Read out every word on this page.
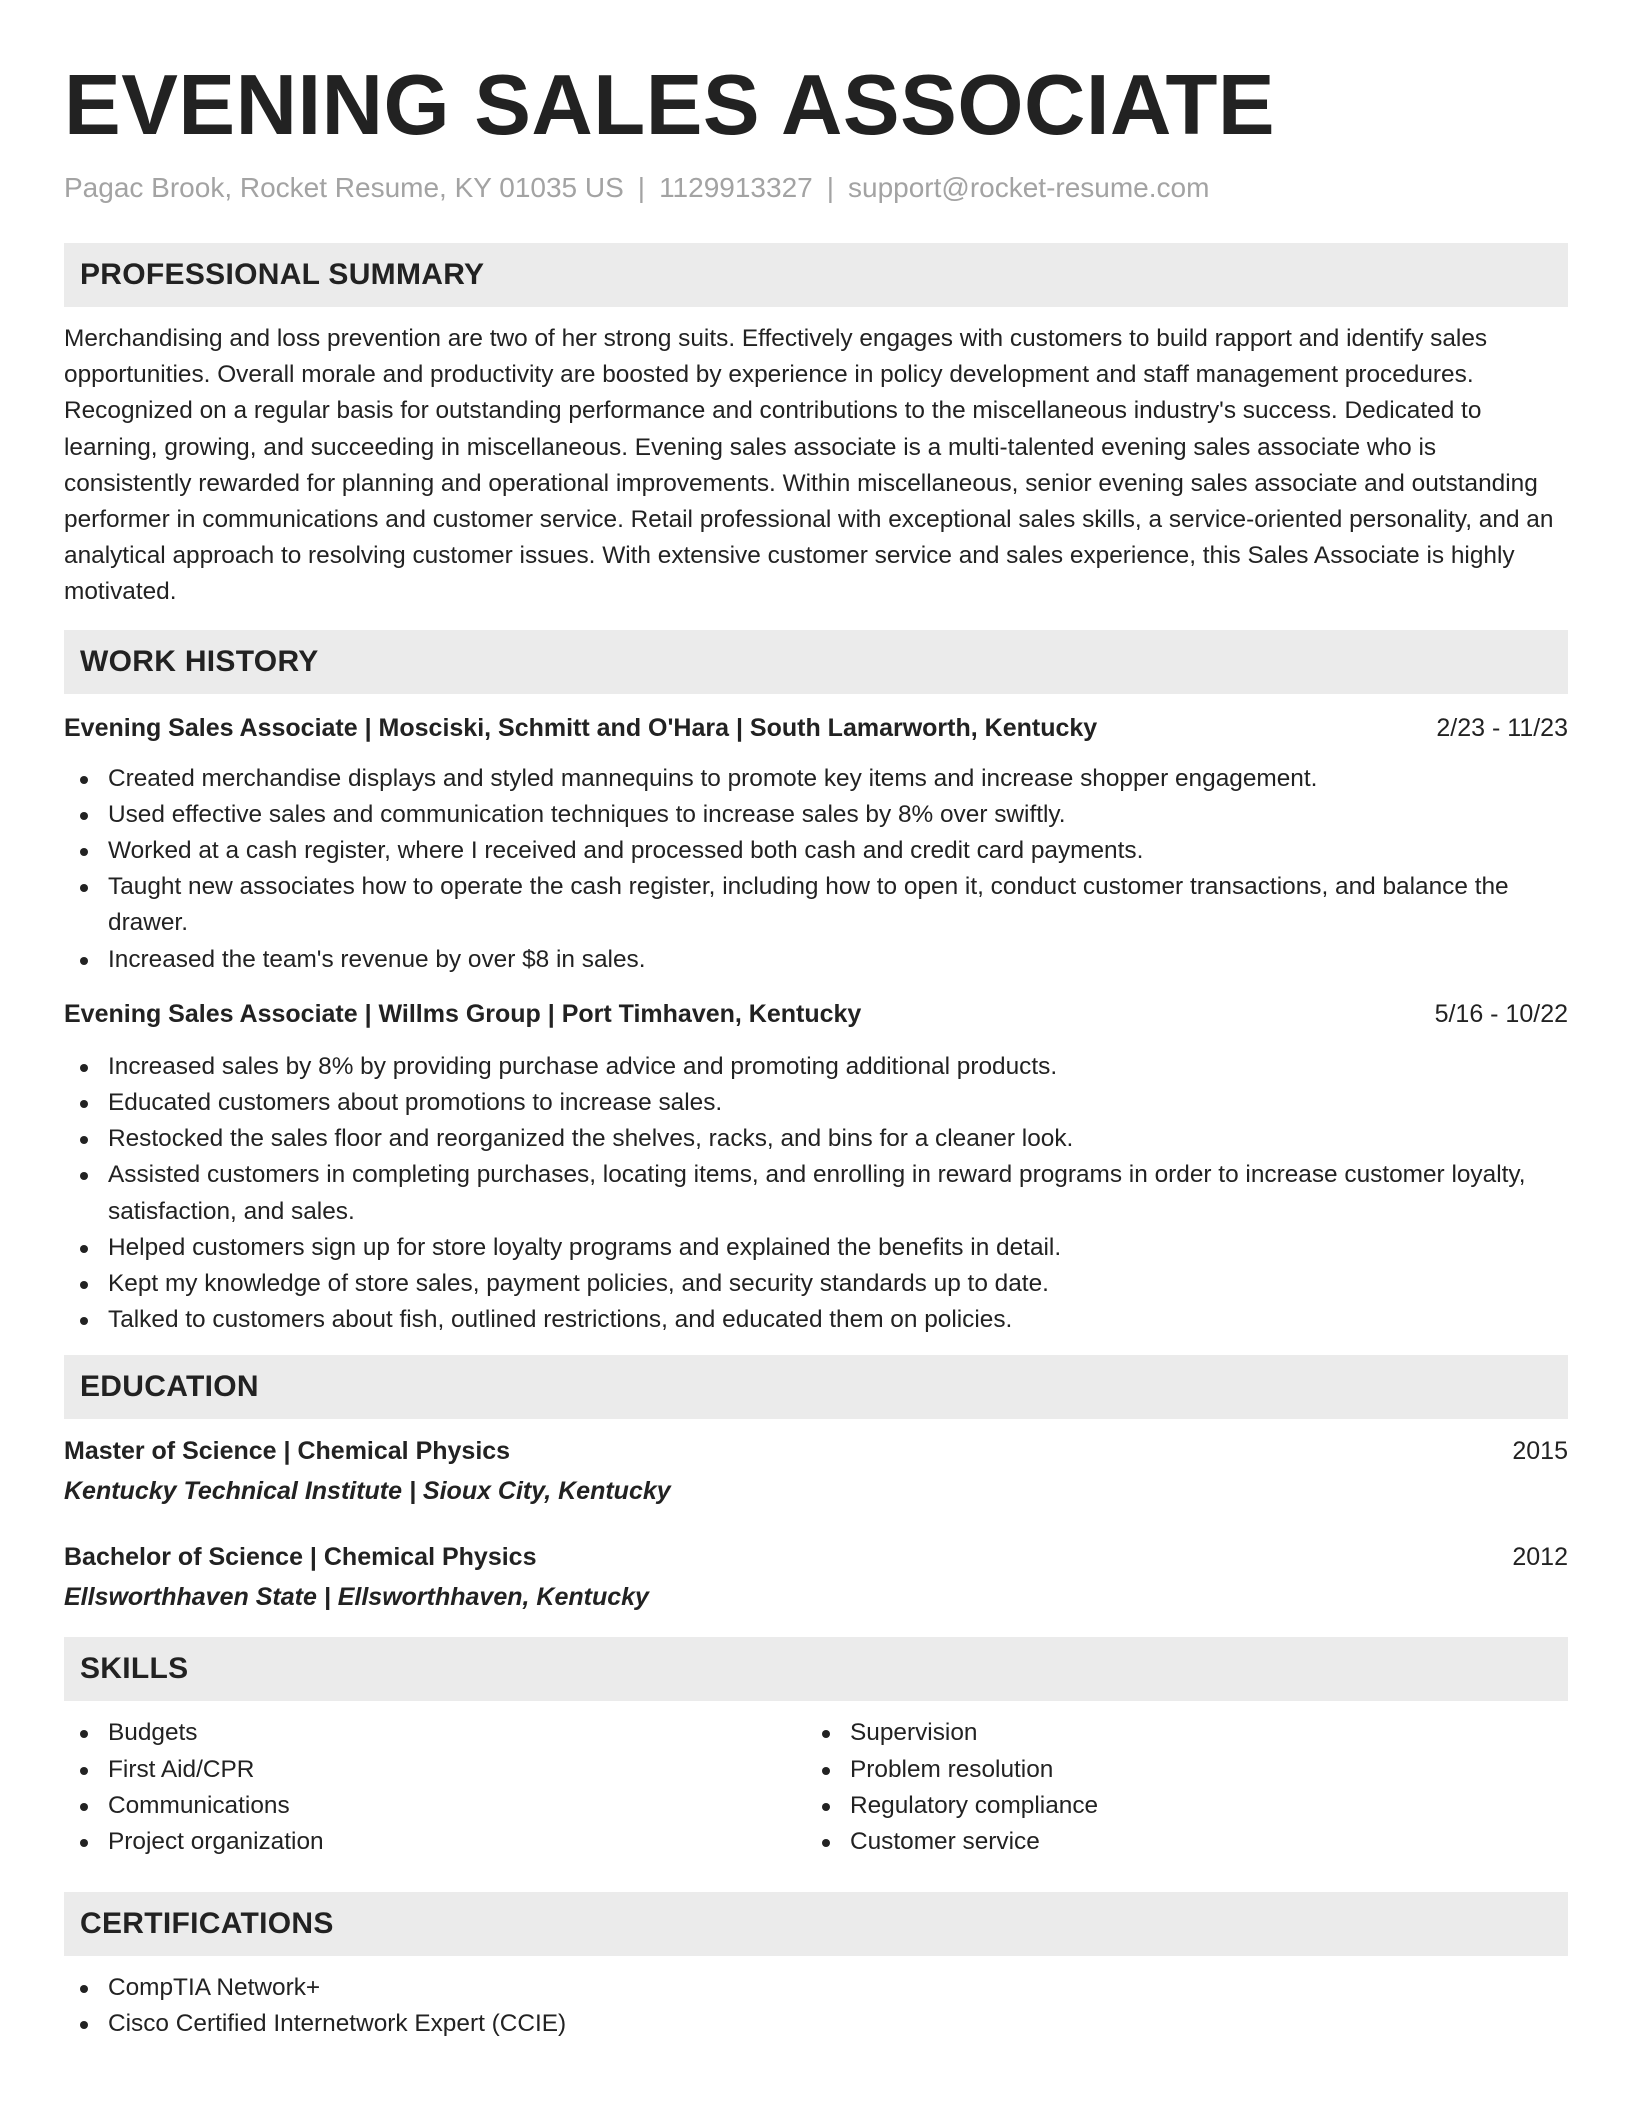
EVENING SALES ASSOCIATE
Pagac Brook, Rocket Resume, KY 01035 US | 1129913327 | support@rocket-resume.com
PROFESSIONAL SUMMARY
Merchandising and loss prevention are two of her strong suits. Effectively engages with customers to build rapport and identify sales opportunities. Overall morale and productivity are boosted by experience in policy development and staff management procedures. Recognized on a regular basis for outstanding performance and contributions to the miscellaneous industry's success. Dedicated to learning, growing, and succeeding in miscellaneous. Evening sales associate is a multi-talented evening sales associate who is consistently rewarded for planning and operational improvements. Within miscellaneous, senior evening sales associate and outstanding performer in communications and customer service. Retail professional with exceptional sales skills, a service-oriented personality, and an analytical approach to resolving customer issues. With extensive customer service and sales experience, this Sales Associate is highly motivated.
WORK HISTORY
Evening Sales Associate | Mosciski, Schmitt and O'Hara | South Lamarworth, Kentucky	2/23 - 11/23
Created merchandise displays and styled mannequins to promote key items and increase shopper engagement.
Used effective sales and communication techniques to increase sales by 8% over swiftly.
Worked at a cash register, where I received and processed both cash and credit card payments.
Taught new associates how to operate the cash register, including how to open it, conduct customer transactions, and balance the drawer.
Increased the team's revenue by over $8 in sales.
Evening Sales Associate | Willms Group | Port Timhaven, Kentucky	5/16 - 10/22
Increased sales by 8% by providing purchase advice and promoting additional products.
Educated customers about promotions to increase sales.
Restocked the sales floor and reorganized the shelves, racks, and bins for a cleaner look.
Assisted customers in completing purchases, locating items, and enrolling in reward programs in order to increase customer loyalty, satisfaction, and sales.
Helped customers sign up for store loyalty programs and explained the benefits in detail.
Kept my knowledge of store sales, payment policies, and security standards up to date.
Talked to customers about fish, outlined restrictions, and educated them on policies.
EDUCATION
Master of Science | Chemical Physics	2015
Kentucky Technical Institute | Sioux City, Kentucky
Bachelor of Science | Chemical Physics	2012
Ellsworthhaven State | Ellsworthhaven, Kentucky
SKILLS
Budgets
First Aid/CPR
Communications
Project organization
Supervision
Problem resolution
Regulatory compliance
Customer service
CERTIFICATIONS
CompTIA Network+
Cisco Certified Internetwork Expert (CCIE)
